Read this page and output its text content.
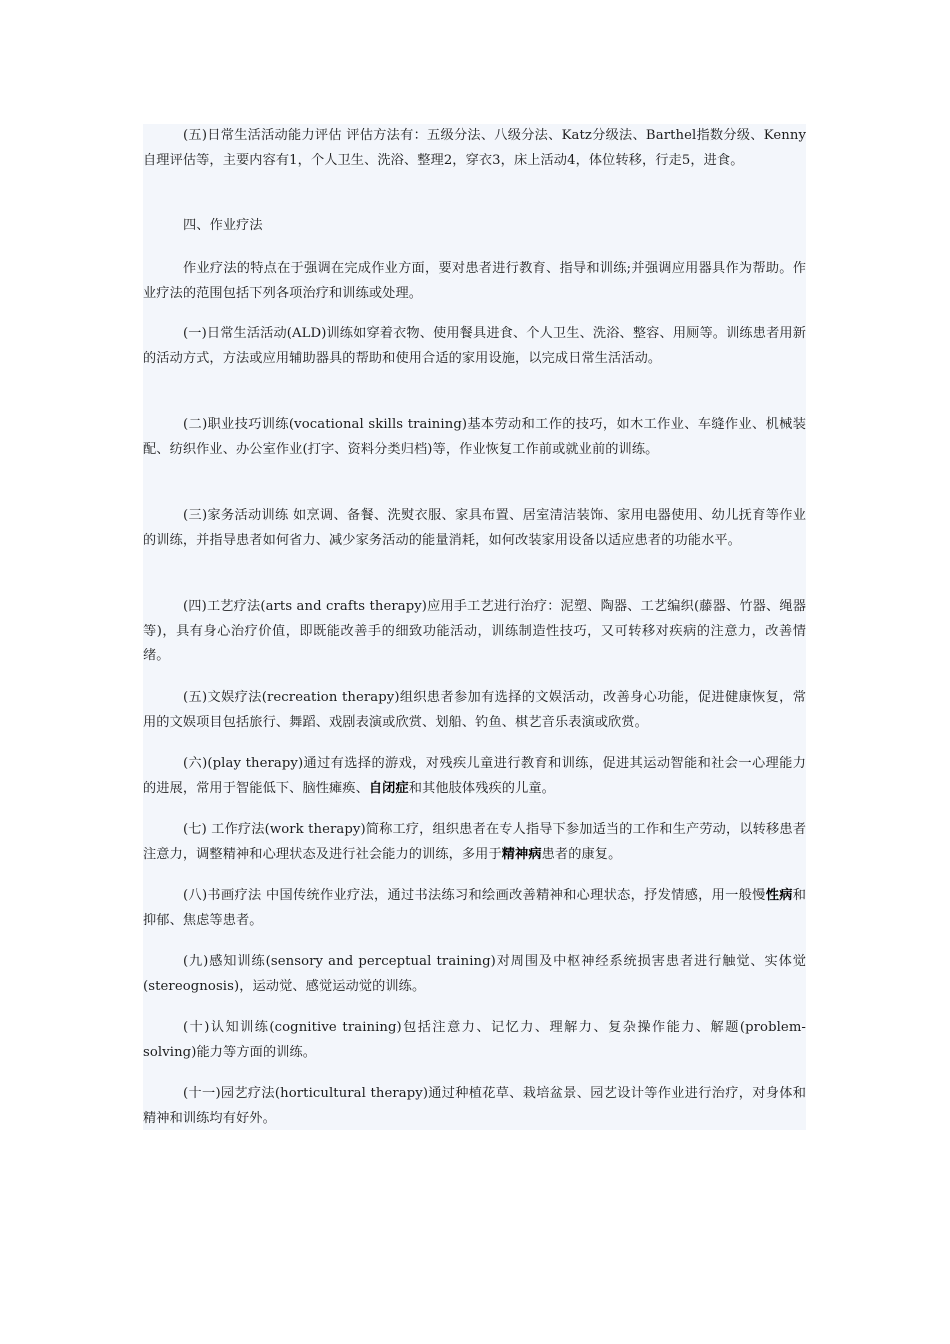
(五)日常生活活动能力评估 评估方法有：五级分法、八级分法、Katz分级法、Barthel指数分级、Kenny自理评估等，主要内容有1，个人卫生、洗浴、整理2，穿衣3，床上活动4，体位转移，行走5，进食。

四、作业疗法

作业疗法的特点在于强调在完成作业方面，要对患者进行教育、指导和训练;并强调应用器具作为帮助。作业疗法的范围包括下列各项治疗和训练或处理。

(一)日常生活活动(ALD)训练如穿着衣物、使用餐具进食、个人卫生、洗浴、整容、用厕等。训练患者用新的活动方式，方法或应用辅助器具的帮助和使用合适的家用设施，以完成日常生活活动。

(二)职业技巧训练(vocational skills training)基本劳动和工作的技巧，如木工作业、车缝作业、机械装配、纺织作业、办公室作业(打字、资料分类归档)等，作业恢复工作前或就业前的训练。

(三)家务活动训练 如烹调、备餐、洗熨衣服、家具布置、居室清洁装饰、家用电器使用、幼儿抚育等作业的训练，并指导患者如何省力、减少家务活动的能量消耗，如何改装家用设备以适应患者的功能水平。

(四)工艺疗法(arts and crafts therapy)应用手工艺进行治疗：泥塑、陶器、工艺编织(藤器、竹器、绳器等)，具有身心治疗价值，即既能改善手的细致功能活动，训练制造性技巧，又可转移对疾病的注意力，改善情绪。

(五)文娱疗法(recreation therapy)组织患者参加有选择的文娱活动，改善身心功能，促进健康恢复，常用的文娱项目包括旅行、舞蹈、戏剧表演或欣赏、划船、钓鱼、棋艺音乐表演或欣赏。

(六)(play therapy)通过有选择的游戏，对残疾儿童进行教育和训练，促进其运动智能和社会一心理能力的进展，常用于智能低下、脑性瘫痪、自闭症和其他肢体残疾的儿童。

(七) 工作疗法(work therapy)简称工疗，组织患者在专人指导下参加适当的工作和生产劳动，以转移患者注意力，调整精神和心理状态及进行社会能力的训练，多用于精神病患者的康复。

(八)书画疗法 中国传统作业疗法，通过书法练习和绘画改善精神和心理状态，抒发情感，用一般慢性病和抑郁、焦虑等患者。

(九)感知训练(sensory and perceptual training)对周围及中枢神经系统损害患者进行触觉、实体觉(stereognosis)，运动觉、感觉运动觉的训练。

(十)认知训练(cognitive training)包括注意力、记忆力、理解力、复杂操作能力、解题(problem-solving)能力等方面的训练。

(十一)园艺疗法(horticultural therapy)通过种植花草、栽培盆景、园艺设计等作业进行治疗，对身体和精神和训练均有好外。
